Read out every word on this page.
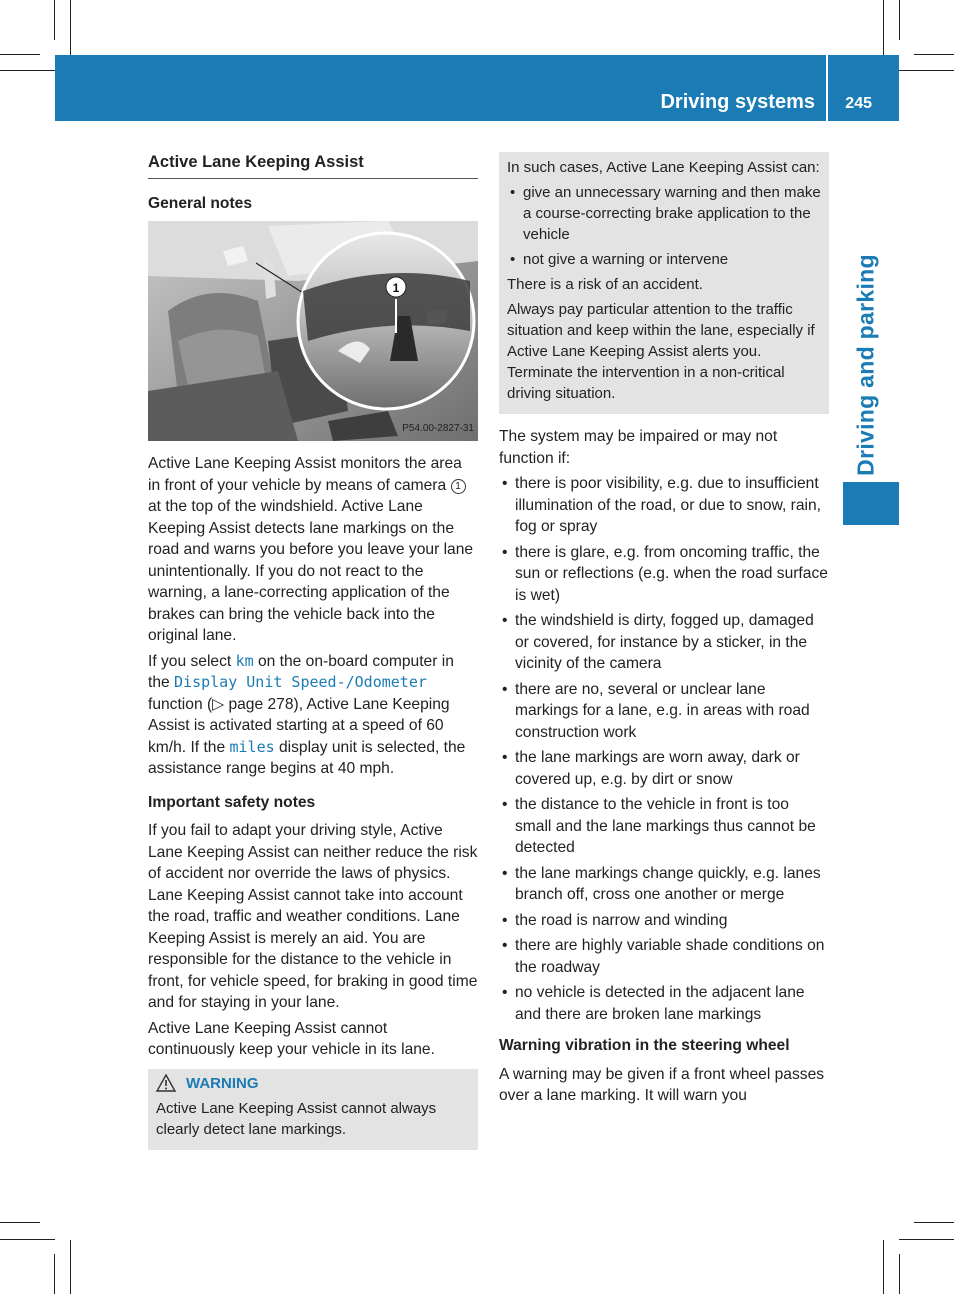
Driving systems 245
Driving and parking
Active Lane Keeping Assist
General notes
1
P54.00-2827-31

Active Lane Keeping Assist monitors the area in front of your vehicle by means of camera 1 at the top of the windshield. Active Lane Keeping Assist detects lane markings on the road and warns you before you leave your lane unintentionally. If you do not react to the warning, a lane-correcting application of the brakes can bring the vehicle back into the original lane.

If you select km on the on-board computer in the Display Unit Speed-/Odometer function (▷ page 278), Active Lane Keeping Assist is activated starting at a speed of 60 km/h. If the miles display unit is selected, the assistance range begins at 40 mph.

Important safety notes

If you fail to adapt your driving style, Active Lane Keeping Assist can neither reduce the risk of accident nor override the laws of physics. Lane Keeping Assist cannot take into account the road, traffic and weather conditions. Lane Keeping Assist is merely an aid. You are responsible for the distance to the vehicle in front, for vehicle speed, for braking in good time and for staying in your lane.

Active Lane Keeping Assist cannot continuously keep your vehicle in its lane.

WARNING

Active Lane Keeping Assist cannot always clearly detect lane markings.

In such cases, Active Lane Keeping Assist can:

• give an unnecessary warning and then make a course-correcting brake application to the vehicle
• not give a warning or intervene

There is a risk of an accident.

Always pay particular attention to the traffic situation and keep within the lane, especially if Active Lane Keeping Assist alerts you. Terminate the intervention in a non-critical driving situation.

The system may be impaired or may not function if:

• there is poor visibility, e.g. due to insufficient illumination of the road, or due to snow, rain, fog or spray
• there is glare, e.g. from oncoming traffic, the sun or reflections (e.g. when the road surface is wet)
• the windshield is dirty, fogged up, damaged or covered, for instance by a sticker, in the vicinity of the camera
• there are no, several or unclear lane markings for a lane, e.g. in areas with road construction work
• the lane markings are worn away, dark or covered up, e.g. by dirt or snow
• the distance to the vehicle in front is too small and the lane markings thus cannot be detected
• the lane markings change quickly, e.g. lanes branch off, cross one another or merge
• the road is narrow and winding
• there are highly variable shade conditions on the roadway
• no vehicle is detected in the adjacent lane and there are broken lane markings
Warning vibration in the steering wheel

A warning may be given if a front wheel passes over a lane marking. It will warn you
